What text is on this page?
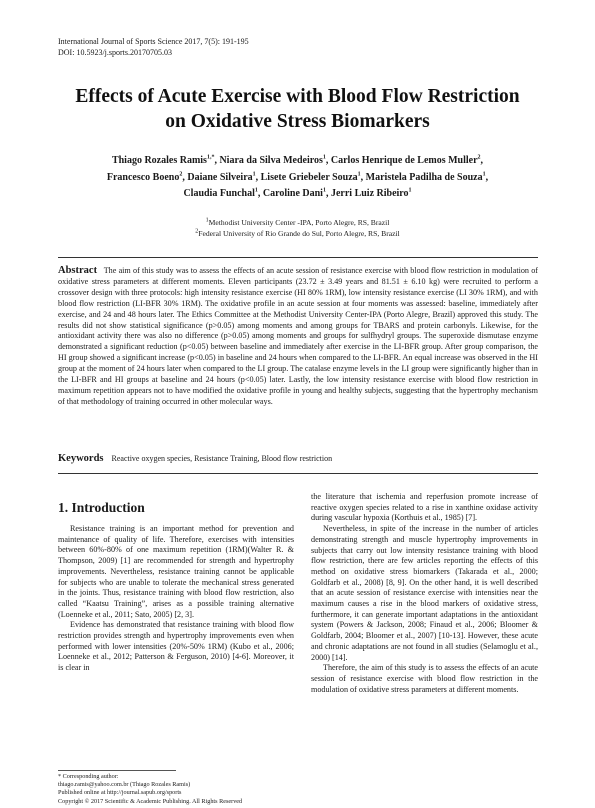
International Journal of Sports Science 2017, 7(5): 191-195
DOI: 10.5923/j.sports.20170705.03
Effects of Acute Exercise with Blood Flow Restriction
on Oxidative Stress Biomarkers
Thiago Rozales Ramis$^{1,*}$, Niara da Silva Medeiros$^1$, Carlos Henrique de Lemos Muller$^2$,
Francesco Boeno$^2$, Daiane Silveira$^1$, Lisete Griebeler Souza$^1$, Maristela Padilha de Souza$^1$,
Claudia Funchal$^1$, Caroline Dani$^1$, Jerri Luiz Ribeiro$^1$
$^1$Methodist University Center -IPA, Porto Alegre, RS, Brazil
$^2$Federal University of Rio Grande do Sul, Porto Alegre, RS, Brazil
Abstract The aim of this study was to assess the effects of an acute session of resistance exercise with blood flow restriction in modulation of oxidative stress parameters at different moments. Eleven participants (23.72 ± 3.49 years and 81.51 ± 6.10 kg) were recruited to perform a crossover design with three protocols: high intensity resistance exercise (HI 80% 1RM), low intensity resistance exercise (LI 30% 1RM), and with blood flow restriction (LI-BFR 30% 1RM). The oxidative profile in an acute session at four moments was assessed: baseline, immediately after exercise, and 24 and 48 hours later. The Ethics Committee at the Methodist University Center-IPA (Porto Alegre, Brazil) approved this study. The results did not show statistical significance (p>0.05) among moments and among groups for TBARS and protein carbonyls. Likewise, for the antioxidant activity there was also no difference (p>0.05) among moments and groups for sulfhydryl groups. The superoxide dismutase enzyme demonstrated a significant reduction (p<0.05) between baseline and immediately after exercise in the LI-BFR group. After group comparison, the HI group showed a significant increase (p<0.05) in baseline and 24 hours when compared to the LI-BFR. An equal increase was observed in the HI group at the moment of 24 hours later when compared to the LI group. The catalase enzyme levels in the LI group were significantly higher than in the LI-BFR and HI groups at baseline and 24 hours (p<0.05) later. Lastly, the low intensity resistance exercise with blood flow restriction in maximum repetition appears not to have modified the oxidative profile in young and healthy subjects, suggesting that the hypertrophy mechanism of that methodology of training occurred in other molecular ways.
Keywords Reactive oxygen species, Resistance Training, Blood flow restriction
1. Introduction

Resistance training is an important method for prevention and maintenance of quality of life. Therefore, exercises with intensities between 60%-80% of one maximum repetition (1RM)(Walter R. & Thompson, 2009) [1] are recommended for strength and hypertrophy improvements. Nevertheless, resistance training cannot be applicable for subjects who are unable to tolerate the mechanical stress generated in the joints. Thus, resistance training with blood flow restriction, also called “Kaatsu Training”, arises as a possible training alternative (Loenneke et al., 2011; Sato, 2005) [2, 3].

Evidence has demonstrated that resistance training with blood flow restriction provides strength and hypertrophy improvements even when performed with lower intensities (20%-50% 1RM) (Kubo et al., 2006; Loenneke et al., 2012; Patterson & Ferguson, 2010) [4-6]. Moreover, it is clear in

the literature that ischemia and reperfusion promote increase of reactive oxygen species related to a rise in xanthine oxidase activity during vascular hypoxia (Korthuis et al., 1985) [7].

Nevertheless, in spite of the increase in the number of articles demonstrating strength and muscle hypertrophy improvements in subjects that carry out low intensity resistance training with blood flow restriction, there are few articles reporting the effects of this method on oxidative stress biomarkers (Takarada et al., 2000; Goldfarb et al., 2008) [8, 9]. On the other hand, it is well described that an acute session of resistance exercise with intensities near the maximum causes a rise in the blood markers of oxidative stress, furthermore, it can generate important adaptations in the antioxidant system (Powers & Jackson, 2008; Finaud et al., 2006; Bloomer & Goldfarb, 2004; Bloomer et al., 2007) [10-13]. However, these acute and chronic adaptations are not found in all studies (Selamoglu et al., 2000) [14].

Therefore, the aim of this study is to assess the effects of an acute session of resistance exercise with blood flow restriction in the modulation of oxidative stress parameters at different moments.

* Corresponding author:
thiago.ramis@yahoo.com.br (Thiago Rozales Ramis)
Published online at http://journal.sapub.org/sports
Copyright © 2017 Scientific & Academic Publishing. All Rights Reserved
